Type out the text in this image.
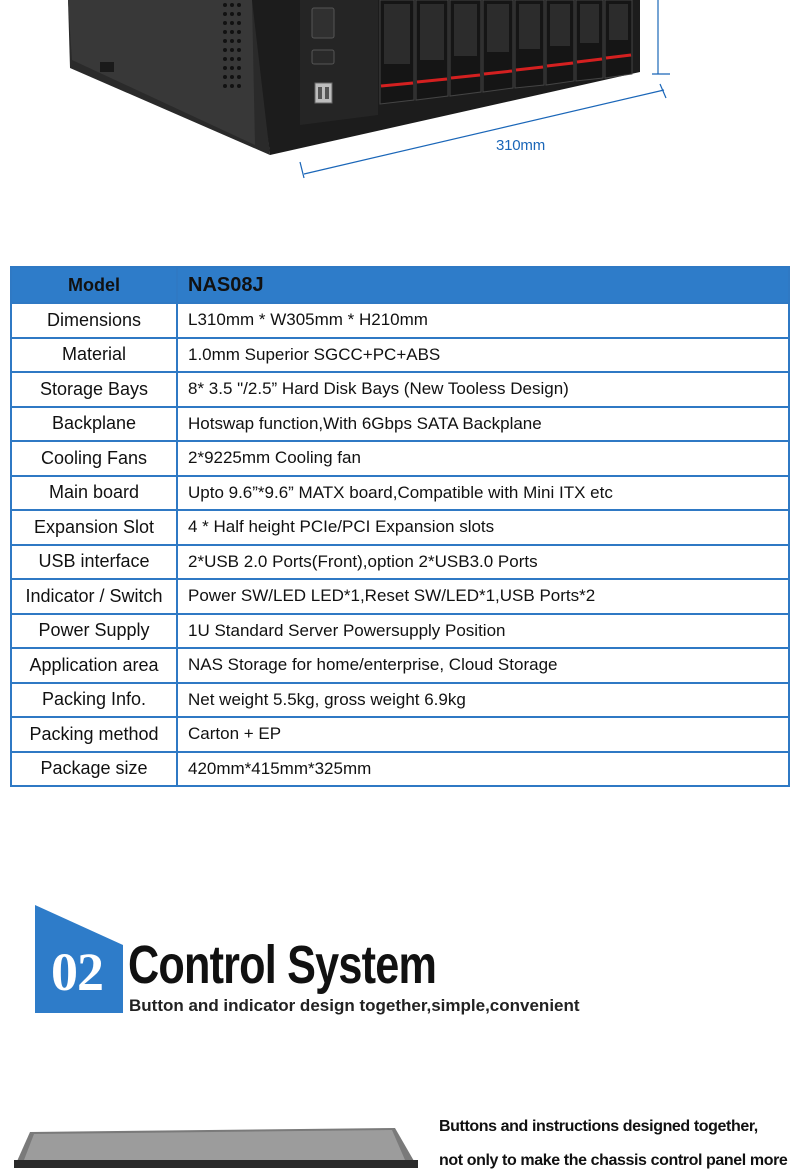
310mm
Model	NAS08J
Dimensions	L310mm * W305mm * H210mm
Material	1.0mm Superior SGCC+PC+ABS
Storage Bays	8* 3.5 "/2.5” Hard Disk Bays (New Tooless Design)
Backplane	Hotswap function,With 6Gbps SATA Backplane
Cooling Fans	2*9225mm Cooling fan
Main board	Upto 9.6”*9.6” MATX board,Compatible with Mini ITX etc
Expansion Slot	4 * Half height PCIe/PCI Expansion slots
USB interface	2*USB 2.0 Ports(Front),option 2*USB3.0 Ports
Indicator / Switch	Power SW/LED LED*1,Reset SW/LED*1,USB Ports*2
Power Supply	1U Standard Server Powersupply Position
Application area	NAS Storage for home/enterprise, Cloud Storage
Packing Info.	Net weight 5.5kg, gross weight 6.9kg
Packing method	Carton + EP
Package size	420mm*415mm*325mm
02 Control System
Button and indicator design together,simple,convenient
Buttons and instructions designed together,
not only to make the chassis control panel more
